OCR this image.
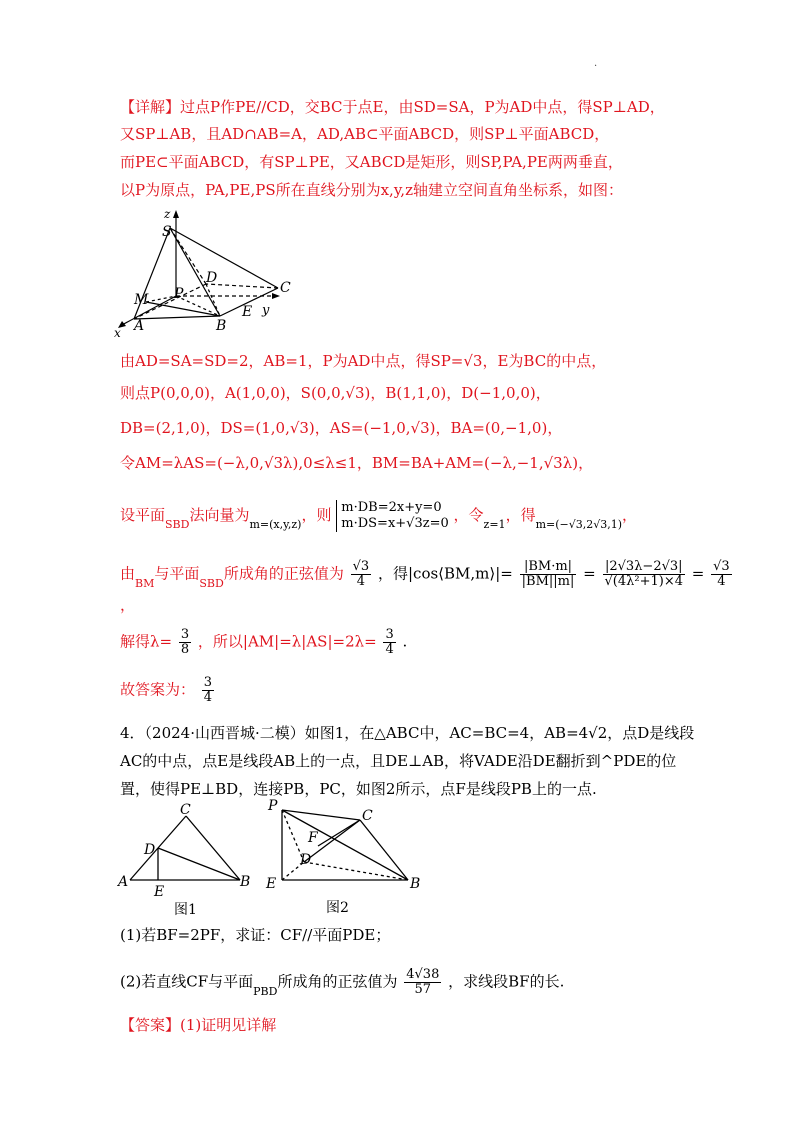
.
【详解】过点P作PE//CD，交BC于点E，由SD=SA，P为AD中点，得SP⊥AD，
又SP⊥AB，且AD∩AB=A，AD,AB⊂平面ABCD，则SP⊥平面ABCD，
而PE⊂平面ABCD，有SP⊥PE，又ABCD是矩形，则SP,PA,PE两两垂直，
以P为原点，PA,PE,PS所在直线分别为x,y,z轴建立空间直角坐标系，如图：
z
S
D
C
M P
E y
x A	B
由AD=SA=SD=2，AB=1，P为AD中点，得SP=√3，E为BC的中点，
则点P(0,0,0)，A(1,0,0)，S(0,0,√3)，B(1,1,0)，D(−1,0,0)，
DB=(2,1,0)，DS=(1,0,√3)，AS=(−1,0,√3)，BA=(0,−1,0)，
令AM=λAS=(−λ,0,√3λ),0≤λ≤1，BM=BA+AM=(−λ,−1,√3λ)，
设平面$_{SBD}$法向量为$_{m=(x,y,z)}$，则 m·DB=2x+y=0
m·DS=x+√3z=0 ，令$_{z=1}$，得$_{m=(-√3,2√3,1)}$，
由$_{BM}$与平面$_{SBD}$所成角的正弦值为 $\frac{√3}{4}$ ，得|cos⟨BM,m⟩|= $\frac{|BM\cdot m|}{|BM||m|} = \frac{|2√3\lambda-2√3|}{\text{√(4λ²+1)×4}} = \frac{√3}{4}$
，
解得$\lambda= \frac{3}{8}$ ，所以$|AM|=\lambda|AS|=2\lambda= \frac{3}{4}$ .
故答案为： $\frac{3}{4}$
4．（2024·山西晋城·二模）如图1，在△ABC中，AC=BC=4，AB=4√2，点D是线段
AC的中点，点E是线段AB上的一点，且DE⊥AB，将VADE沿DE翻折到^PDE的位
置，使得PE⊥BD，连接PB，PC，如图2所示，点F是线段PB上的一点.
C
D
A
E
B
图1
P
C
F
D
E	B
图2
(1)若BF=2PF，求证：CF//平面PDE；
(2)若直线CF与平面$_{PBD}$所成角的正弦值为 $\frac{4√38}{57}$ ，求线段BF的长.
【答案】(1)证明见详解
